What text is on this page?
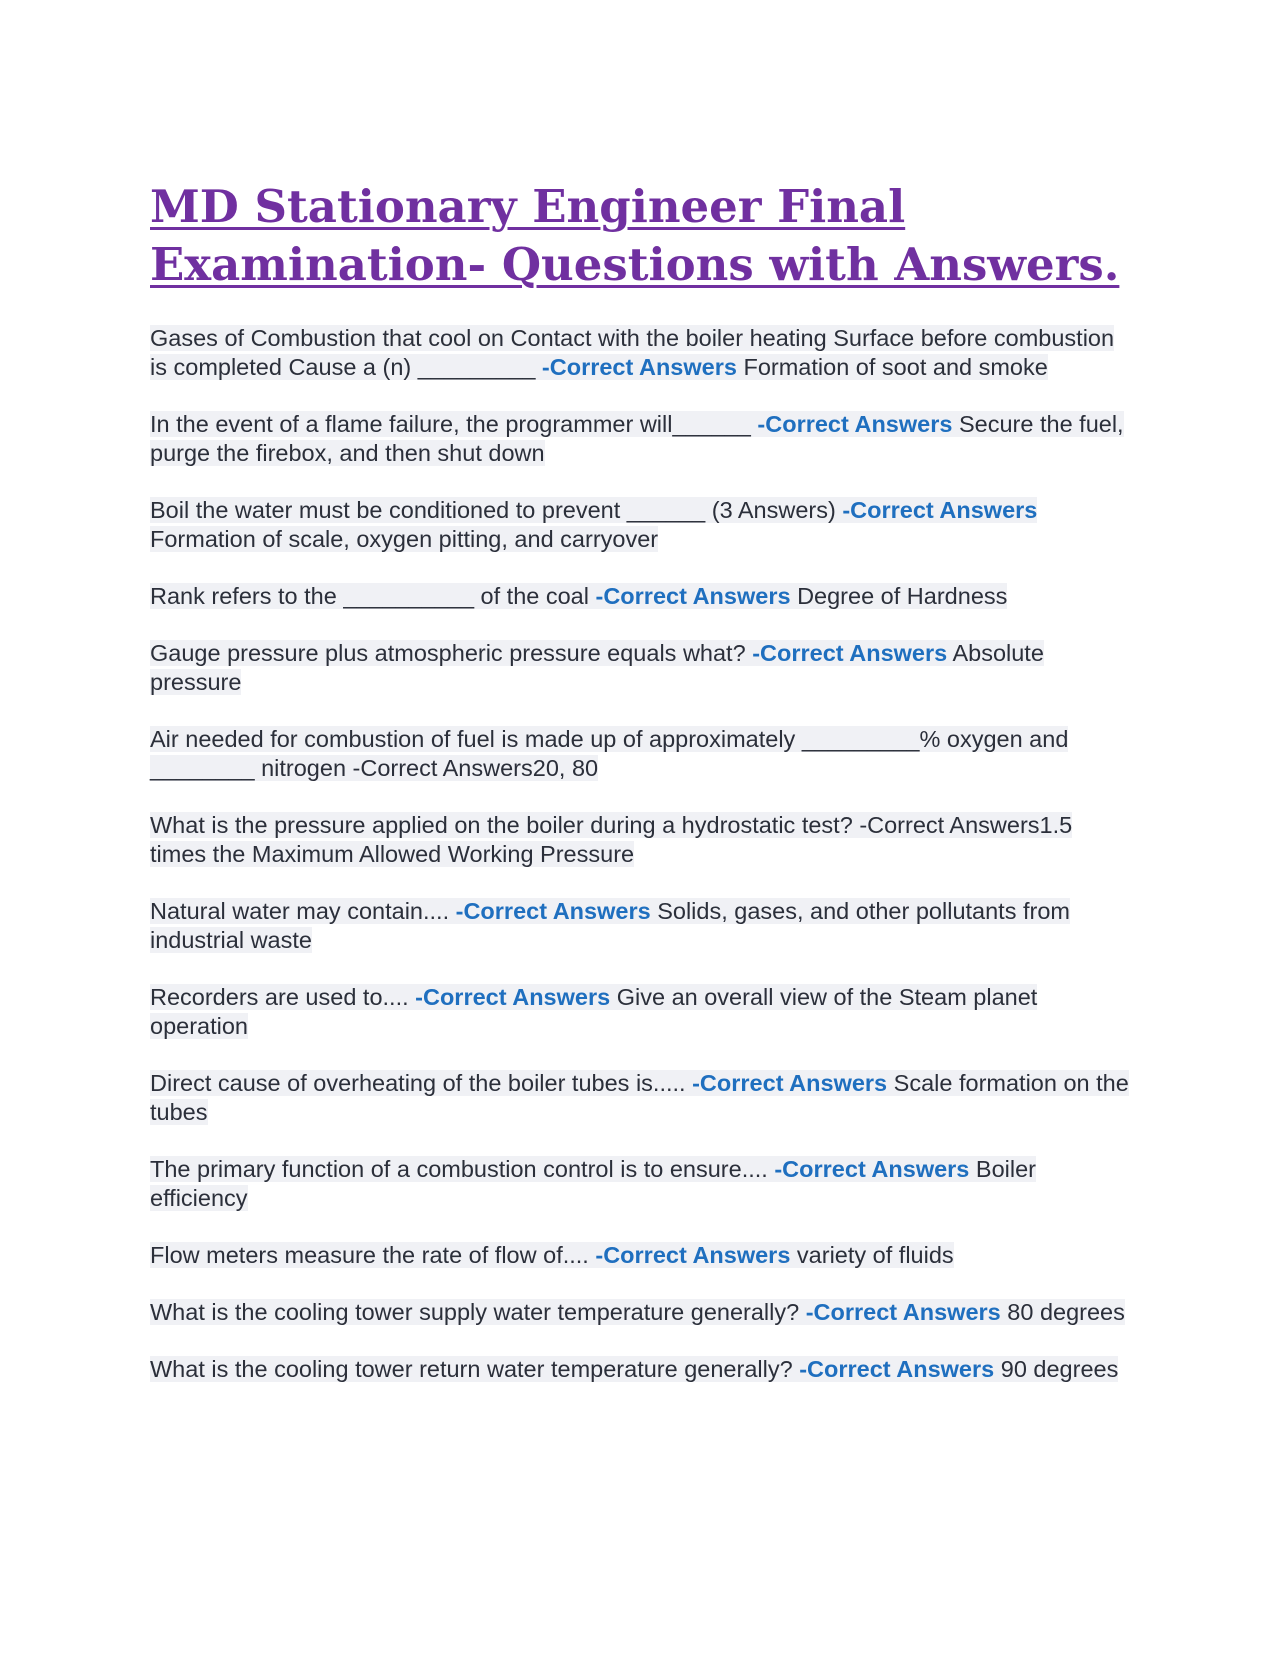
MD Stationary Engineer Final Examination- Questions with Answers.

Gases of Combustion that cool on Contact with the boiler heating Surface before combustion is completed Cause a (n) _________ -Correct Answers Formation of soot and smoke

In the event of a flame failure, the programmer will______ -Correct Answers Secure the fuel, purge the firebox, and then shut down

Boil the water must be conditioned to prevent ______ (3 Answers) -Correct Answers Formation of scale, oxygen pitting, and carryover

Rank refers to the __________ of the coal -Correct Answers Degree of Hardness

Gauge pressure plus atmospheric pressure equals what? -Correct Answers Absolute pressure

Air needed for combustion of fuel is made up of approximately _________% oxygen and ________ nitrogen -Correct Answers20, 80

What is the pressure applied on the boiler during a hydrostatic test? -Correct Answers1.5 times the Maximum Allowed Working Pressure

Natural water may contain.... -Correct Answers Solids, gases, and other pollutants from industrial waste

Recorders are used to.... -Correct Answers Give an overall view of the Steam planet operation

Direct cause of overheating of the boiler tubes is..... -Correct Answers Scale formation on the tubes

The primary function of a combustion control is to ensure.... -Correct Answers Boiler efficiency

Flow meters measure the rate of flow of.... -Correct Answers variety of fluids

What is the cooling tower supply water temperature generally? -Correct Answers 80 degrees

What is the cooling tower return water temperature generally? -Correct Answers 90 degrees
